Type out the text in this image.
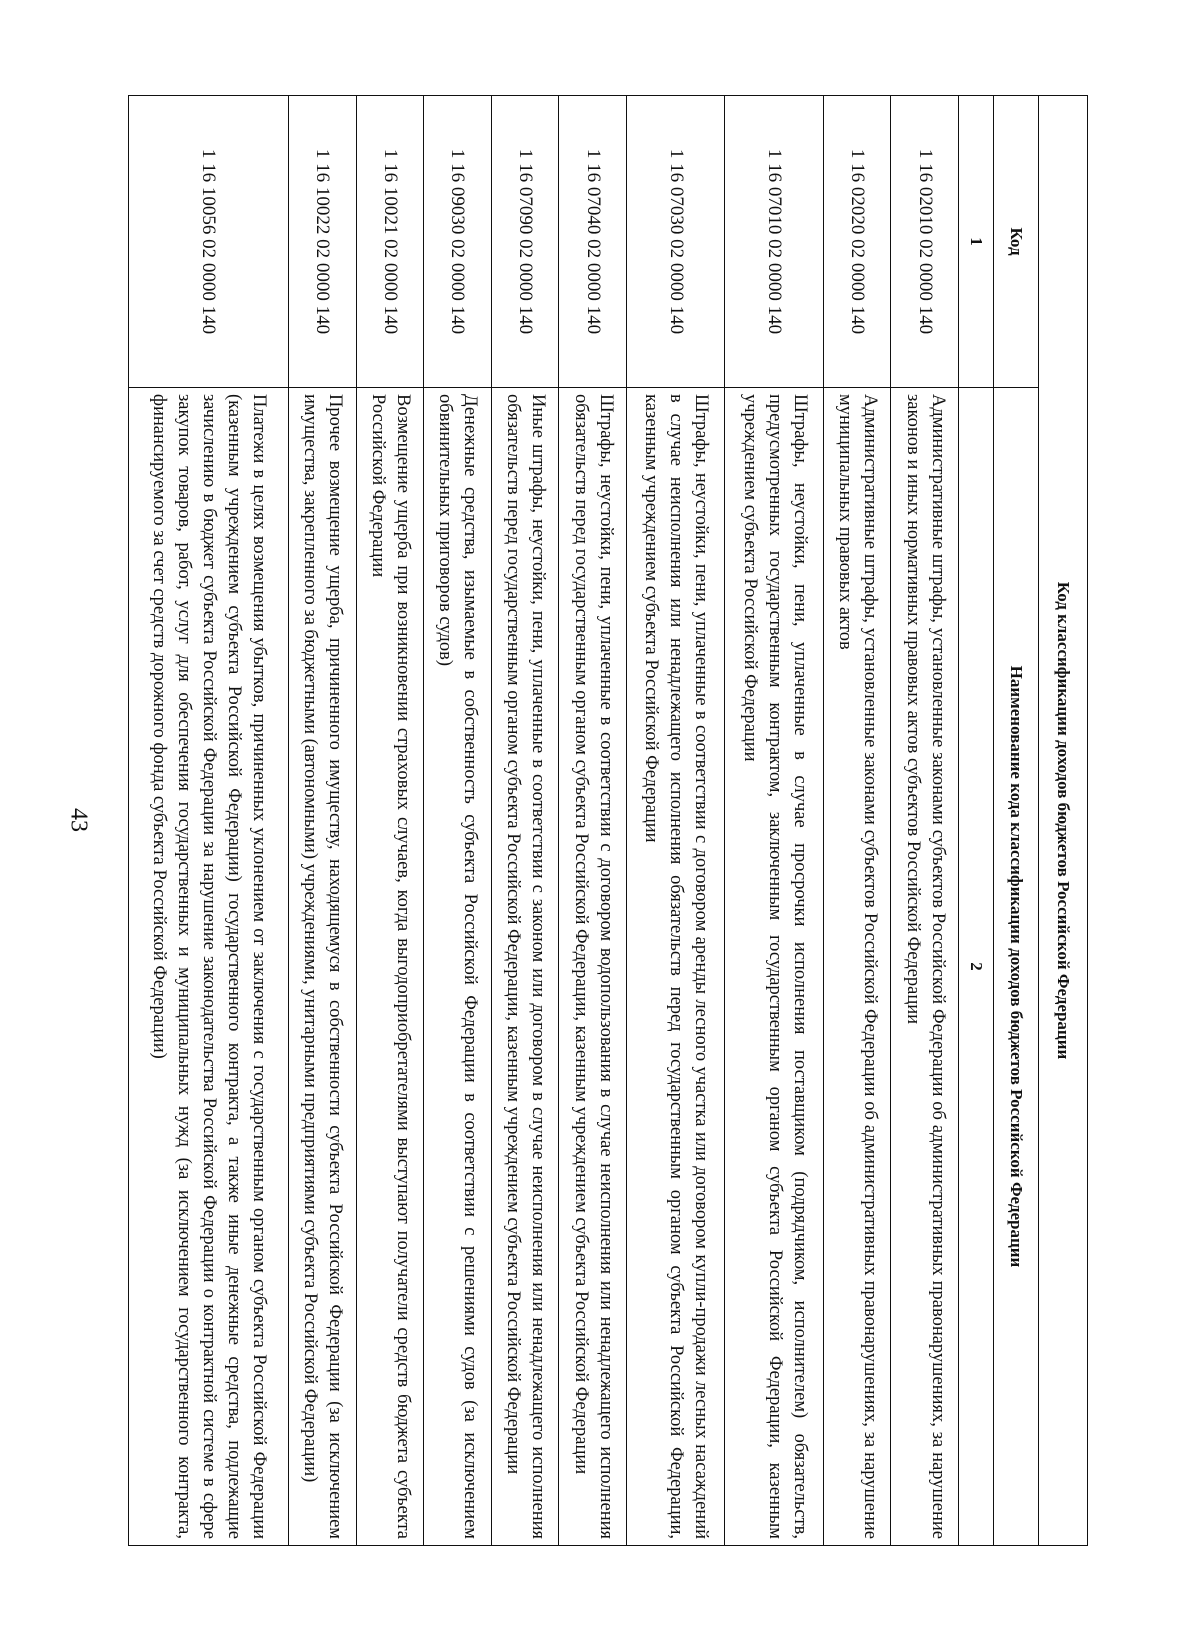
43	Код классификации доходов бюджетов Российской Федерации	
Код	Наименование кода классификации доходов бюджетов Российской Федерации
1	2
1 16 02010 02 0000 140	Административные штрафы, установленные законами субъектов Российской Федерации об административных правонарушениях, за нарушение законов и иных нормативных правовых актов субъектов Российской Федерации
1 16 02020 02 0000 140	Административные штрафы, установленные законами субъектов Российской Федерации об административных правонарушениях, за нарушение муниципальных правовых актов
1 16 07010 02 0000 140	Штрафы, неустойки, пени, уплаченные в случае просрочки исполнения поставщиком (подрядчиком, исполнителем) обязательств, предусмотренных государственным контрактом, заключенным государственным органом субъекта Российской Федерации, казенным учреждением субъекта Российской Федерации
1 16 07030 02 0000 140	Штрафы, неустойки, пени, уплаченные в соответствии с договором аренды лесного участка или договором купли-продажи лесных насаждений в случае неисполнения или ненадлежащего исполнения обязательств перед государственным органом субъекта Российской Федерации, казенным учреждением субъекта Российской Федерации
1 16 07040 02 0000 140	Штрафы, неустойки, пени, уплаченные в соответствии с договором водопользования в случае неисполнения или ненадлежащего исполнения обязательств перед государственным органом субъекта Российской Федерации, казенным учреждением субъекта Российской Федерации
1 16 07090 02 0000 140	Иные штрафы, неустойки, пени, уплаченные в соответствии с законом или договором в случае неисполнения или ненадлежащего исполнения обязательств перед государственным органом субъекта Российской Федерации, казенным учреждением субъекта Российской Федерации
1 16 09030 02 0000 140	Денежные средства, изымаемые в собственность субъекта Российской Федерации в соответствии с решениями судов (за исключением обвинительных приговоров судов)
1 16 10021 02 0000 140	Возмещение ущерба при возникновении страховых случаев, когда выгодоприобретателями выступают получатели средств бюджета субъекта Российской Федерации
1 16 10022 02 0000 140	Прочее возмещение ущерба, причиненного имуществу, находящемуся в собственности субъекта Российской Федерации (за исключением имущества, закрепленного за бюджетными (автономными) учреждениями, унитарными предприятиями субъекта Российской Федерации)
1 16 10056 02 0000 140	Платежи в целях возмещения убытков, причиненных уклонением от заключения с государственным органом субъекта Российской Федерации (казенным учреждением субъекта Российской Федерации) государственного контракта, а также иные денежные средства, подлежащие зачислению в бюджет субъекта Российской Федерации за нарушение законодательства Российской Федерации о контрактной системе в сфере закупок товаров, работ, услуг для обеспечения государственных и муниципальных нужд (за исключением государственного контракта, финансируемого за счет средств дорожного фонда субъекта Российской Федерации)
